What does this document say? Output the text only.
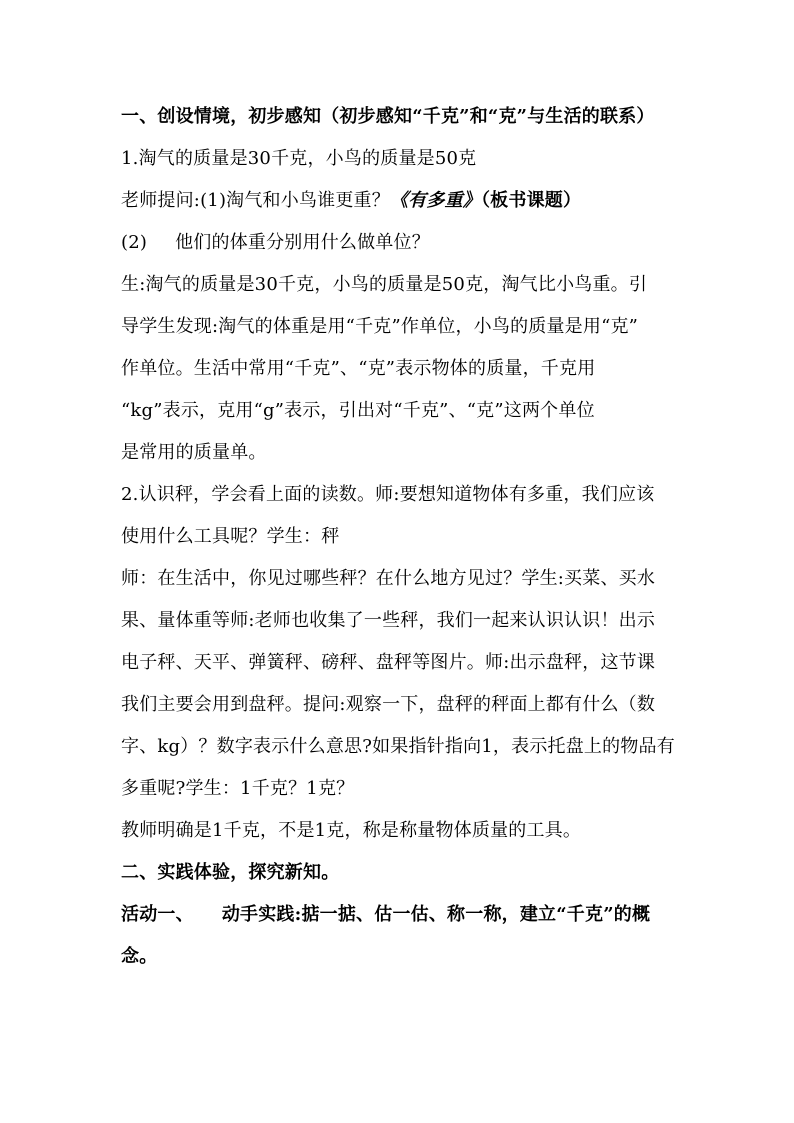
一、创设情境，初步感知（初步感知“千克”和“克”与生活的联系）
1.淘气的质量是30千克，小鸟的质量是50克
老师提问:(1)淘气和小鸟谁更重？《有多重》（板书课题）
(2) 他们的体重分别用什么做单位？
生:淘气的质量是30千克，小鸟的质量是50克，淘气比小鸟重。引
导学生发现:淘气的体重是用“千克”作单位，小鸟的质量是用“克”
作单位。生活中常用“千克”、“克”表示物体的质量，千克用
“kg”表示，克用“g”表示，引出对“千克”、“克”这两个单位
是常用的质量单。
2.认识秤，学会看上面的读数。师:要想知道物体有多重，我们应该
使用什么工具呢？学生：秤
师：在生活中，你见过哪些秤？在什么地方见过？学生:买菜、买水
果、量体重等师:老师也收集了一些秤，我们一起来认识认识！出示
电子秤、天平、弹簧秤、磅秤、盘秤等图片。师:出示盘秤，这节课
我们主要会用到盘秤。提问:观察一下，盘秤的秤面上都有什么（数
字、kg）？数字表示什么意思?如果指针指向1，表示托盘上的物品有
多重呢?学生：1千克？1克？
教师明确是1千克，不是1克，称是称量物体质量的工具。
二、实践体验，探究新知。
活动一、 动手实践:掂一掂、估一估、称一称，建立“千克”的概
念。
